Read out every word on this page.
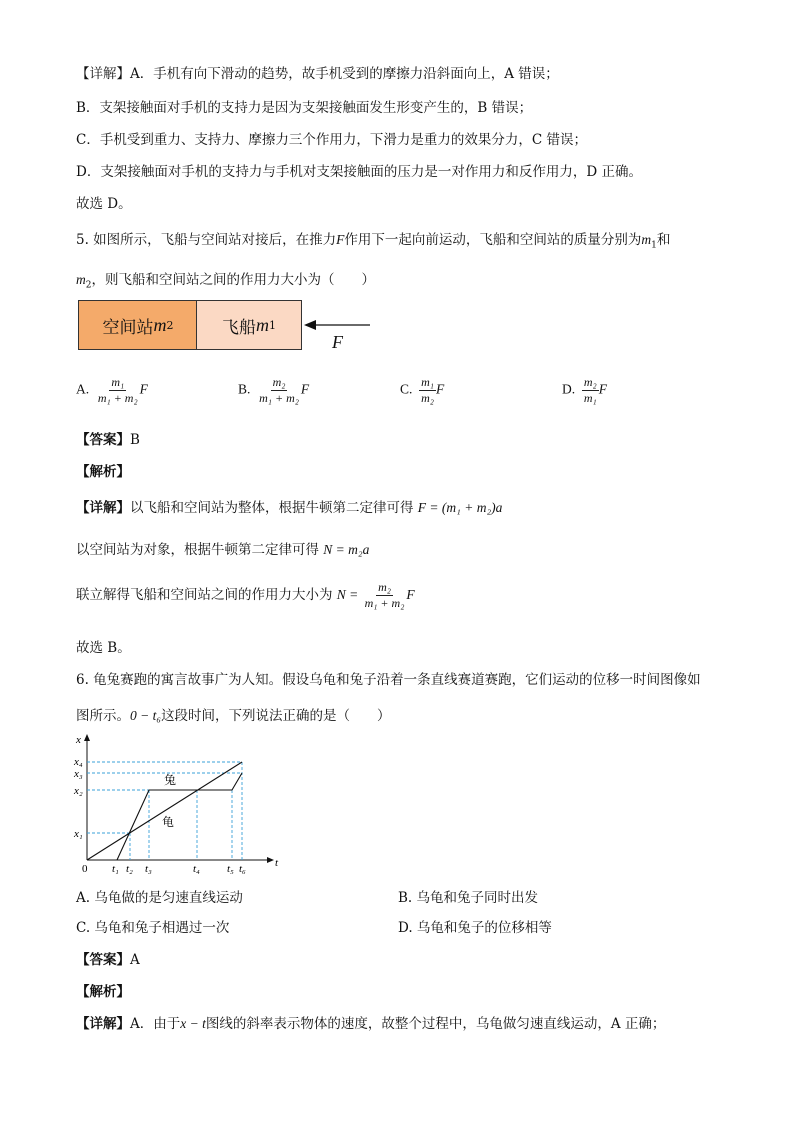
【详解】A．手机有向下滑动的趋势，故手机受到的摩擦力沿斜面向上，A 错误；
B．支架接触面对手机的支持力是因为支架接触面发生形变产生的，B 错误；
C．手机受到重力、支持力、摩擦力三个作用力，下滑力是重力的效果分力，C 错误；
D．支架接触面对手机的支持力与手机对支架接触面的压力是一对作用力和反作用力，D 正确。
故选 D。
5. 如图所示，飞船与空间站对接后，在推力F作用下一起向前运动，飞船和空间站的质量分别为$m_1$和
$m_2$，则飞船和空间站之间的作用力大小为（　　）
空间站 m 2	飞船 m 1
F
A. $\frac{\text{m₁}}{\text{m₁ + m₂}}$ F	B. $\frac{\text{m₂}}{\text{m₁ + m₂}}$ F	C. $\frac{\text{m₁}}{\text{m₂}}$ F	D. $\frac{\text{m₂}}{\text{m₁}}$ F
【答案】B
【解析】
【详解】以飞船和空间站为整体，根据牛顿第二定律可得 F = (m₁ + m₂)a
以空间站为对象，根据牛顿第二定律可得 N = m₂a
联立解得飞船和空间站之间的作用力大小为 $N = \frac{\text{m₂}}{\text{m₁ + m₂}}$ F
故选 B。
6. 龟兔赛跑的寓言故事广为人知。假设乌龟和兔子沿着一条直线赛道赛跑，它们运动的位移一时间图像如
图所示。0 − t₆这段时间，下列说法正确的是（　　）
t
x
0
兔
龟
x₄
x₃
x₂
x₁
t₁ t₂ t₃	t₄ t₅ t₆
A. 乌龟做的是匀速直线运动	B. 乌龟和兔子同时出发
C. 乌龟和兔子相遇过一次	D. 乌龟和兔子的位移相等
【答案】A
【解析】
【详解】A．由于x − t图线的斜率表示物体的速度，故整个过程中，乌龟做匀速直线运动，A 正确；
